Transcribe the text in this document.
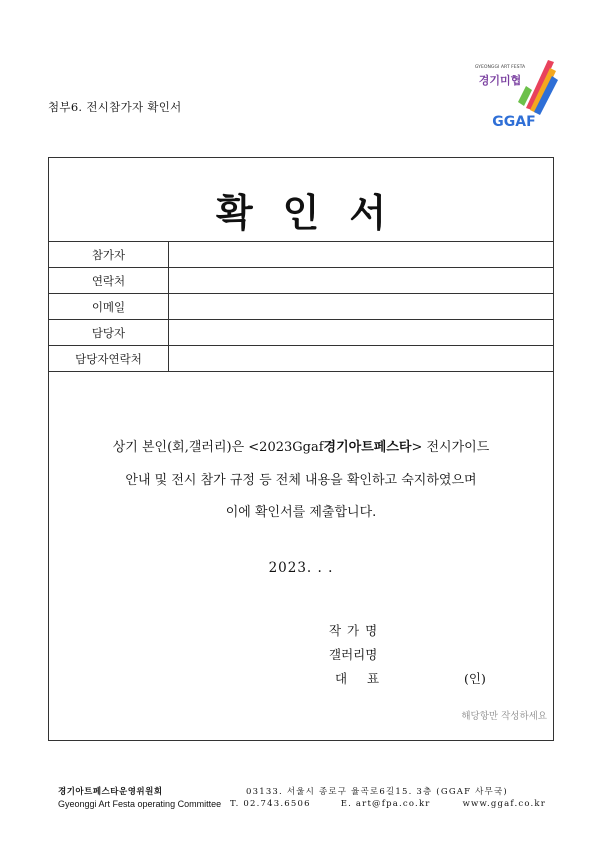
첨부6. 전시참가자 확인서
GYEONGGI ART FESTA
경기미협
GGAF
확인서
참가자	
연락처	
이메일	
담당자	
담당자연락처	
상기 본인(회,갤러리)은 <2023Ggaf경기아트페스타> 전시가이드
안내 및 전시 참가 규정 등 전체 내용을 확인하고 숙지하였으며
이에 확인서를 제출합니다.
2023. . .
작 가 명
갤러리명
대     표	(인)
해당항만 작성하세요
경기아트페스타운영위원회
Gyeonggi Art Festa operating Committee
03133. 서울시 종로구 율곡로6길15. 3층 (GGAF 사무국)
T. 02.743.6506	E. art@fpa.co.kr	www.ggaf.co.kr
